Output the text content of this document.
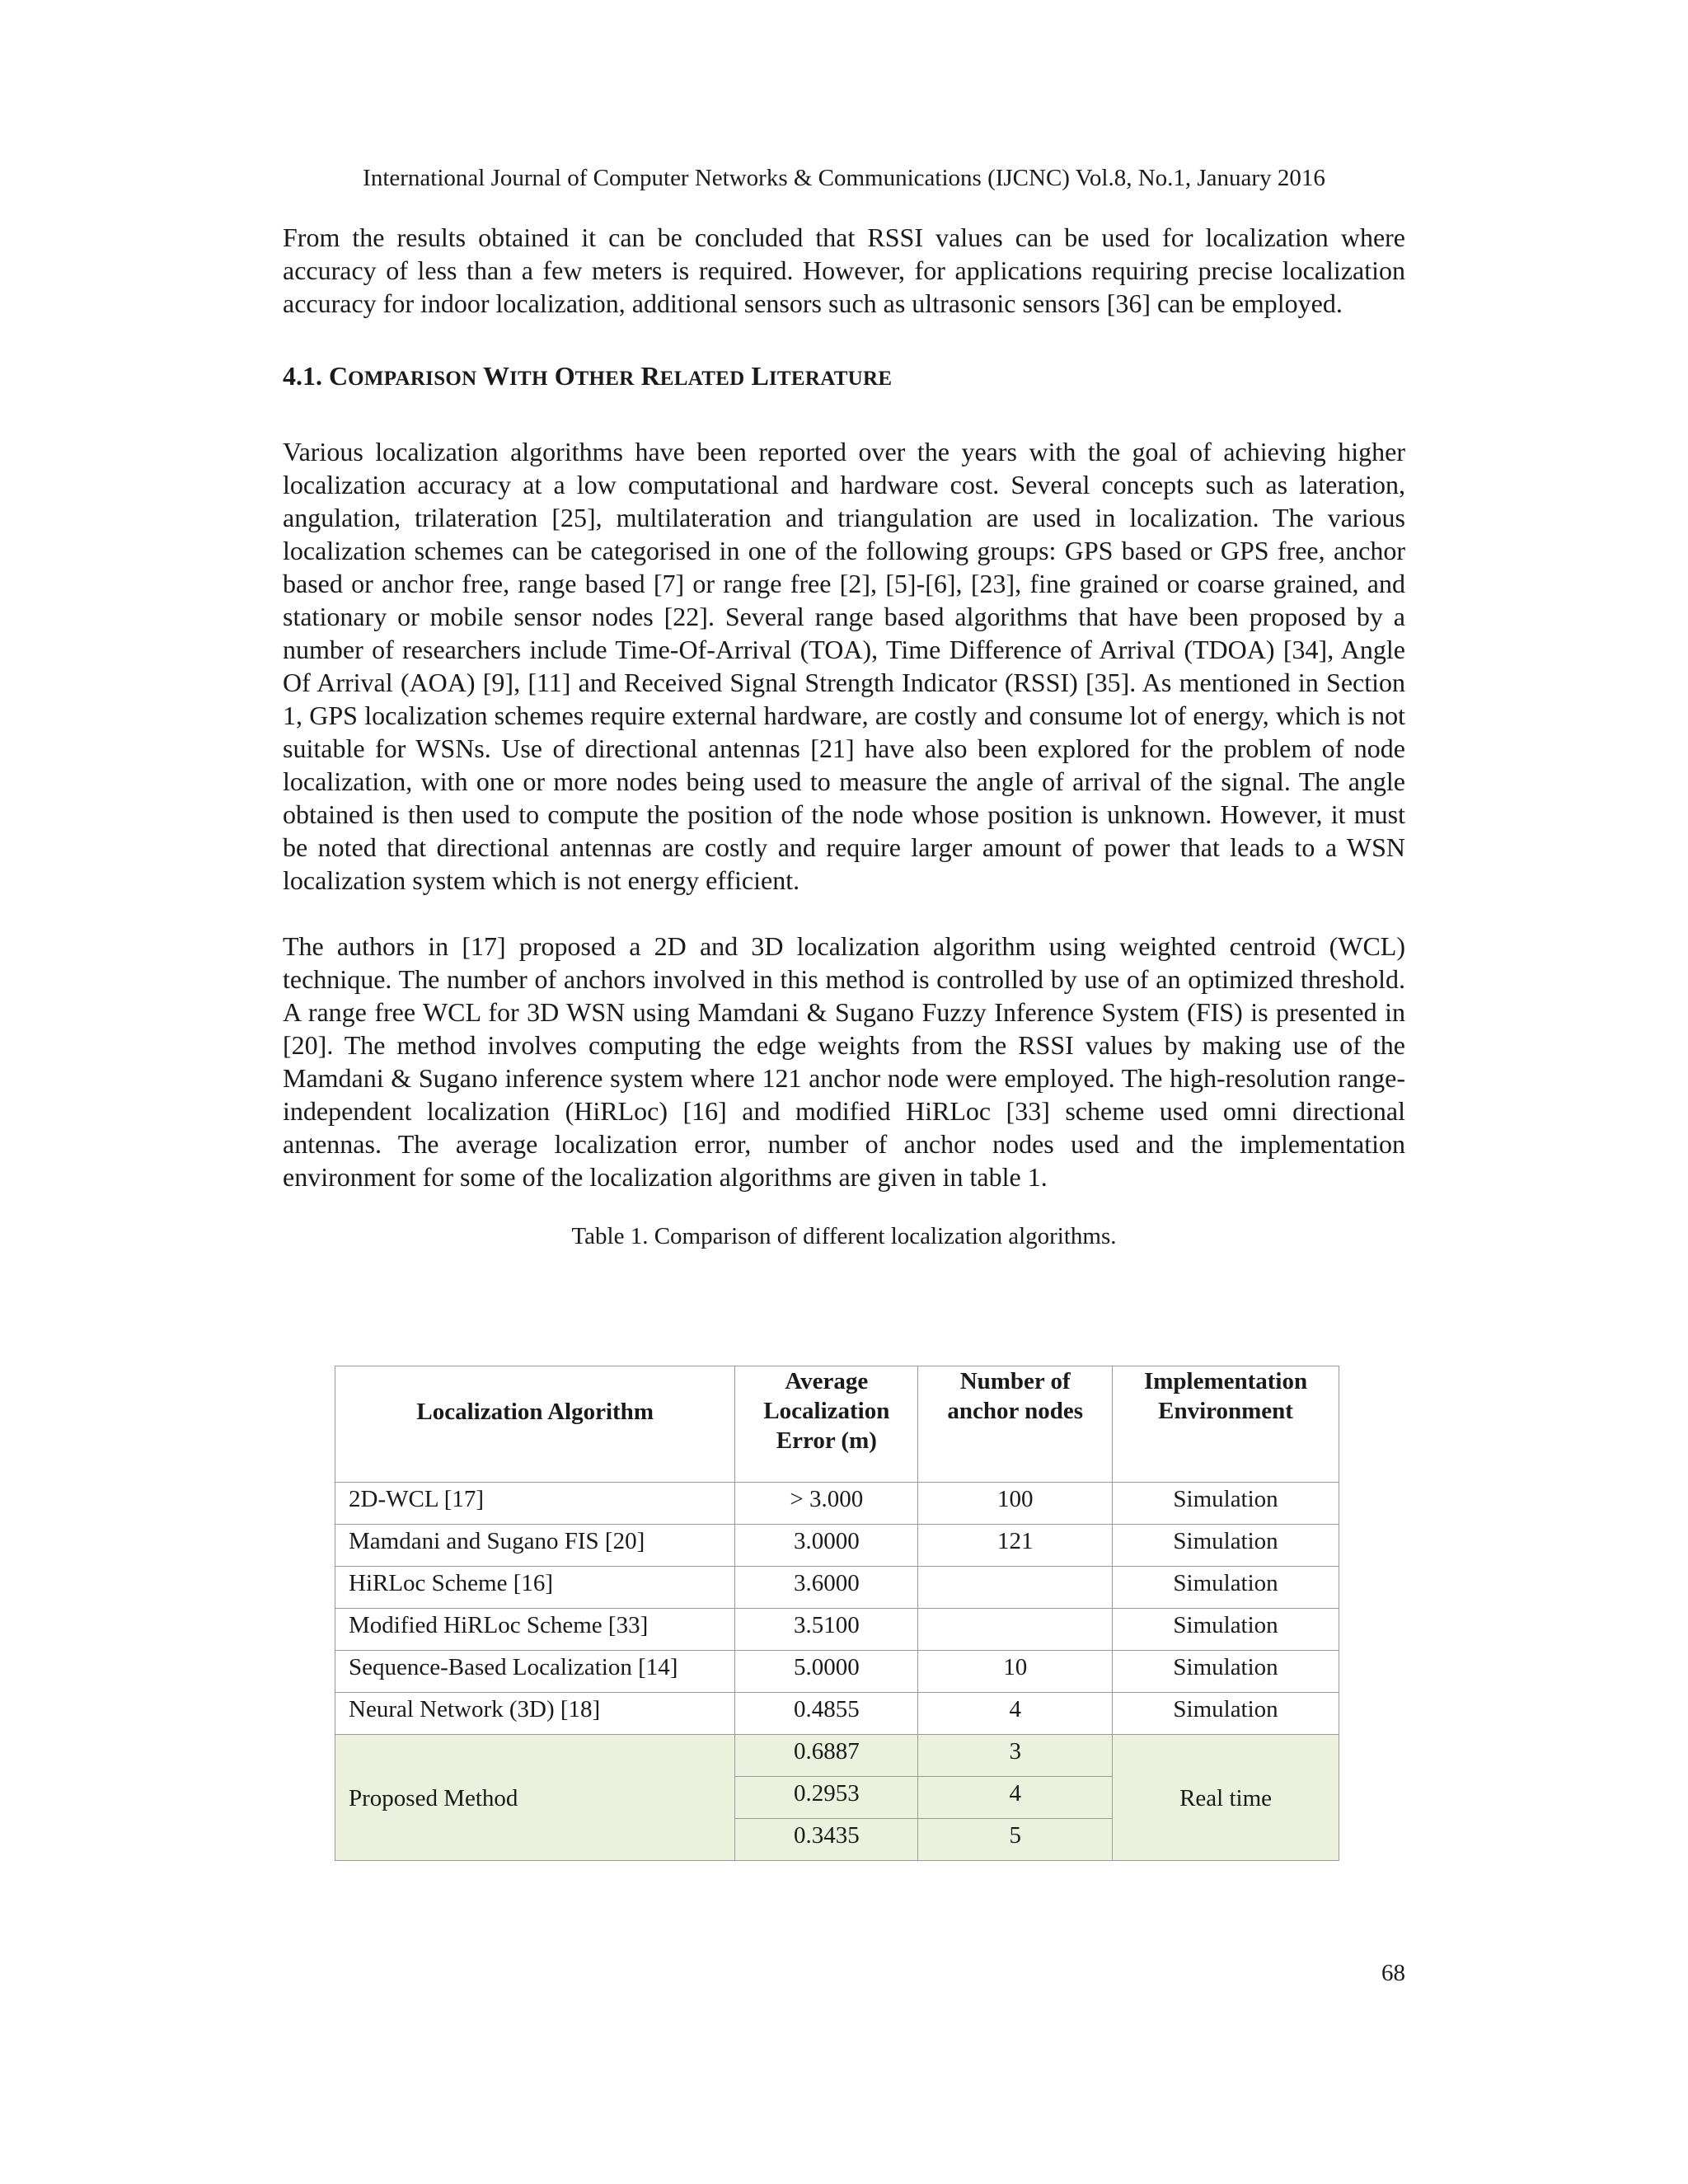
International Journal of Computer Networks & Communications (IJCNC) Vol.8, No.1, January 2016

From the results obtained it can be concluded that RSSI values can be used for localization where accuracy of less than a few meters is required. However, for applications requiring precise localization accuracy for indoor localization, additional sensors such as ultrasonic sensors [36] can be employed.

4.1. COMPARISON WITH OTHER RELATED LITERATURE

Various localization algorithms have been reported over the years with the goal of achieving higher localization accuracy at a low computational and hardware cost. Several concepts such as lateration, angulation, trilateration [25], multilateration and triangulation are used in localization. The various localization schemes can be categorised in one of the following groups: GPS based or GPS free, anchor based or anchor free, range based [7] or range free [2], [5]-[6], [23], fine grained or coarse grained, and stationary or mobile sensor nodes [22]. Several range based algorithms that have been proposed by a number of researchers include Time-Of-Arrival (TOA), Time Difference of Arrival (TDOA) [34], Angle Of Arrival (AOA) [9], [11] and Received Signal Strength Indicator (RSSI) [35]. As mentioned in Section 1, GPS localization schemes require external hardware, are costly and consume lot of energy, which is not suitable for WSNs. Use of directional antennas [21] have also been explored for the problem of node localization, with one or more nodes being used to measure the angle of arrival of the signal. The angle obtained is then used to compute the position of the node whose position is unknown. However, it must be noted that directional antennas are costly and require larger amount of power that leads to a WSN localization system which is not energy efficient.

The authors in [17] proposed a 2D and 3D localization algorithm using weighted centroid (WCL) technique. The number of anchors involved in this method is controlled by use of an optimized threshold. A range free WCL for 3D WSN using Mamdani & Sugano Fuzzy Inference System (FIS) is presented in [20]. The method involves computing the edge weights from the RSSI values by making use of the Mamdani & Sugano inference system where 121 anchor node were employed. The high-resolution range-independent localization (HiRLoc) [16] and modified HiRLoc [33] scheme used omni directional antennas. The average localization error, number of anchor nodes used and the implementation environment for some of the localization algorithms are given in table 1.

Table 1. Comparison of different localization algorithms.

Localization Algorithm	Average Localization Error (m)	Number of anchor nodes	Implementation Environment
2D-WCL [17]	> 3.000	100	Simulation
Mamdani and Sugano FIS [20]	3.0000	121	Simulation
HiRLoc Scheme [16]	3.6000		Simulation
Modified HiRLoc Scheme [33]	3.5100		Simulation
Sequence-Based Localization [14]	5.0000	10	Simulation
Neural Network (3D) [18]	0.4855	4	Simulation
Proposed Method	0.6887	3	Real time
	0.2953	4	
	0.3435	5	
68
